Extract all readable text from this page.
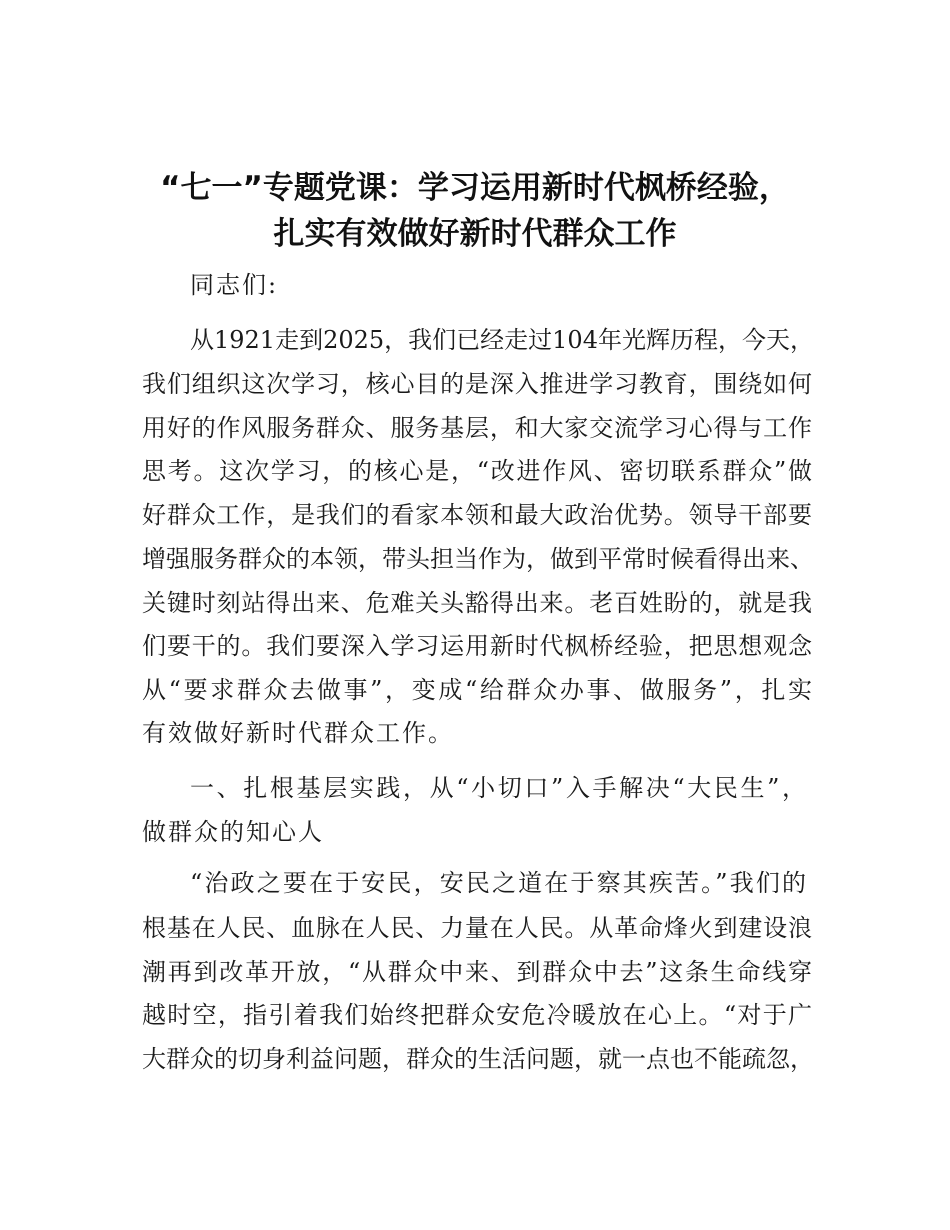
“七一”专题党课：学习运用新时代枫桥经验，
扎实有效做好新时代群众工作
同志们:
从1921走到2025，我们已经走过104年光辉历程，今天，
我们组织这次学习，核心目的是深入推进学习教育，围绕如何
用好的作风服务群众、服务基层，和大家交流学习心得与工作
思考。这次学习，的核心是，“改进作风、密切联系群众”做
好群众工作，是我们的看家本领和最大政治优势。领导干部要
增强服务群众的本领，带头担当作为，做到平常时候看得出来、
关键时刻站得出来、危难关头豁得出来。老百姓盼的，就是我
们要干的。我们要深入学习运用新时代枫桥经验，把思想观念
从“要求群众去做事”，变成“给群众办事、做服务”，扎实
有效做好新时代群众工作。
一、扎根基层实践，从“小切口”入手解决“大民生”，
做群众的知心人
“治政之要在于安民，安民之道在于察其疾苦。”我们的
根基在人民、血脉在人民、力量在人民。从革命烽火到建设浪
潮再到改革开放，“从群众中来、到群众中去”这条生命线穿
越时空，指引着我们始终把群众安危冷暖放在心上。“对于广
大群众的切身利益问题，群众的生活问题，就一点也不能疏忽，
